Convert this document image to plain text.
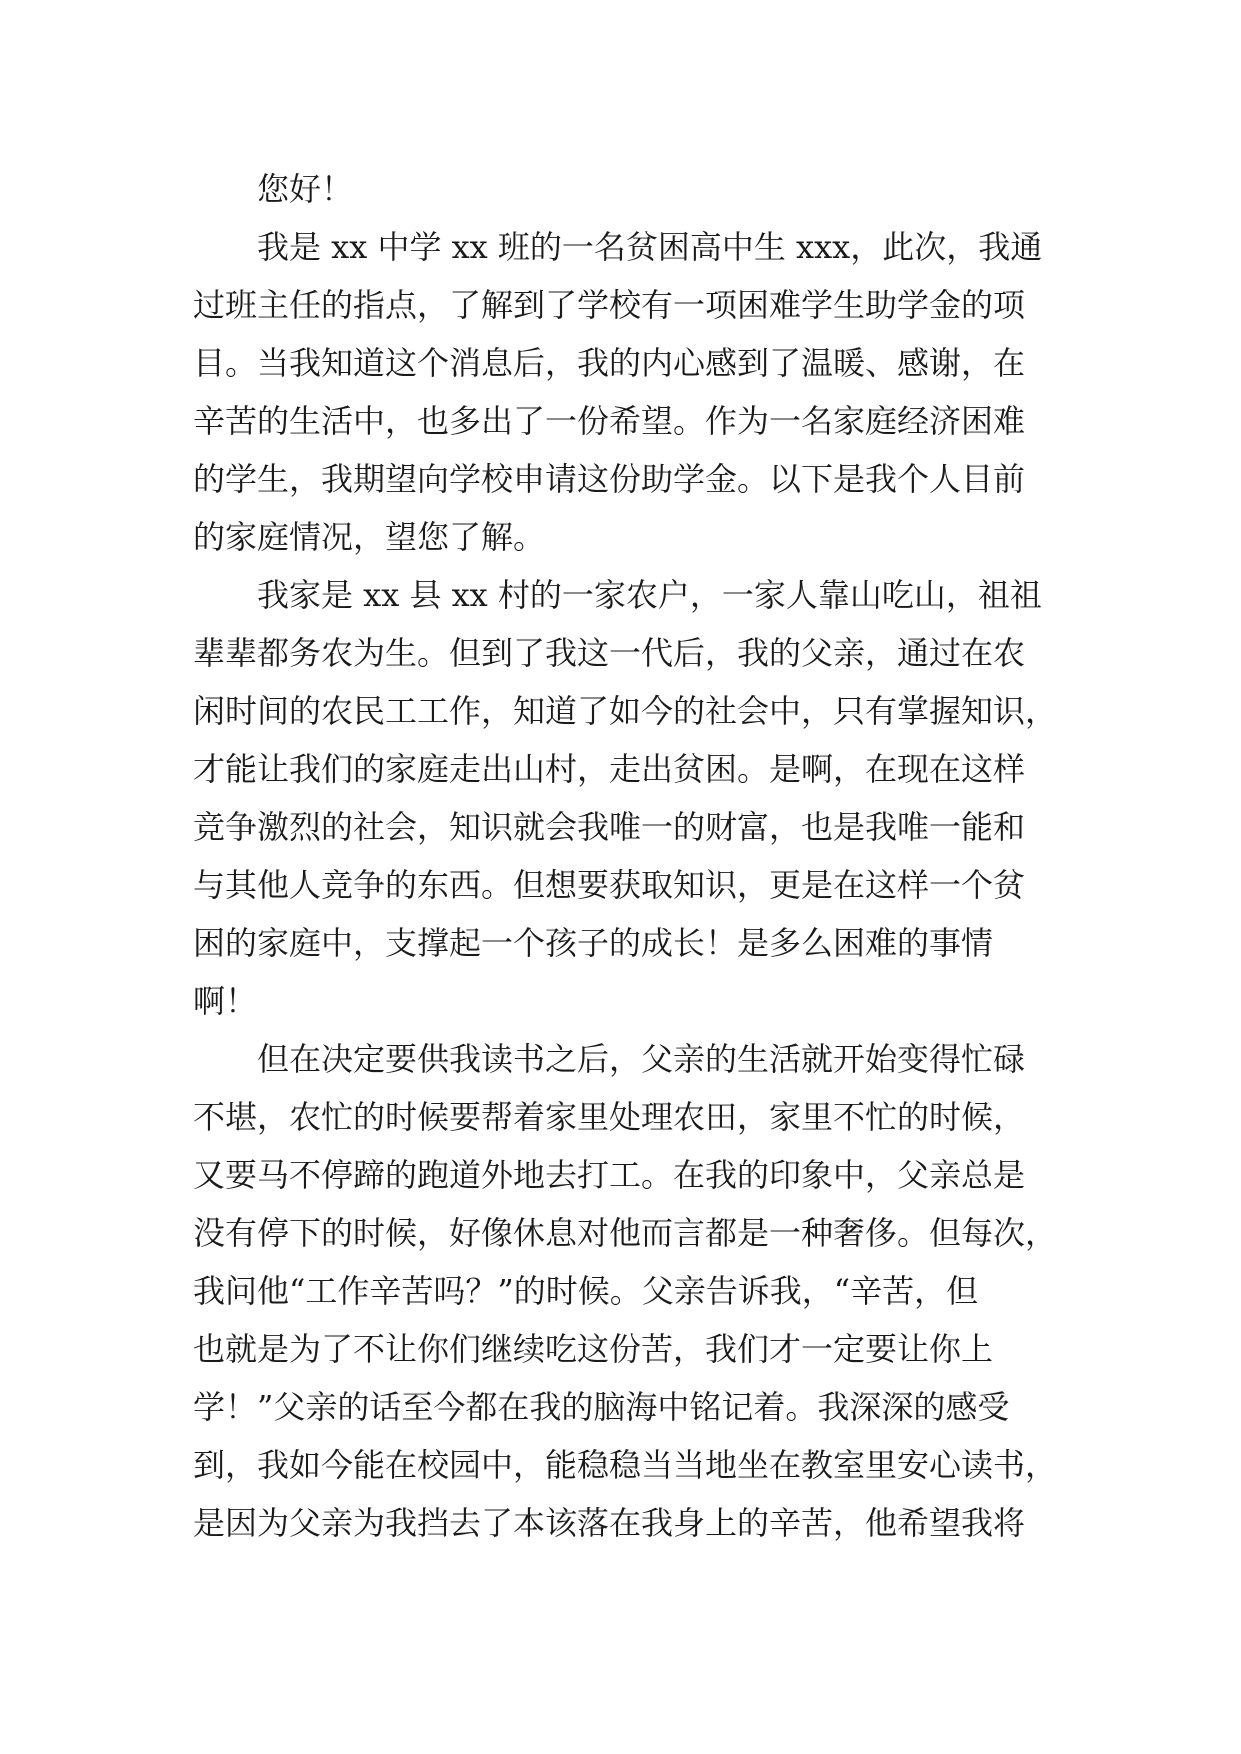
您好！
我是 xx 中学 xx 班的一名贫困高中生 xxx，此次，我通
过班主任的指点，了解到了学校有一项困难学生助学金的项
目。当我知道这个消息后，我的内心感到了温暖、感谢，在
辛苦的生活中，也多出了一份希望。作为一名家庭经济困难
的学生，我期望向学校申请这份助学金。以下是我个人目前
的家庭情况，望您了解。
我家是 xx 县 xx 村的一家农户，一家人靠山吃山，祖祖
辈辈都务农为生。但到了我这一代后，我的父亲，通过在农
闲时间的农民工工作，知道了如今的社会中，只有掌握知识，
才能让我们的家庭走出山村，走出贫困。是啊，在现在这样
竞争激烈的社会，知识就会我唯一的财富，也是我唯一能和
与其他人竞争的东西。但想要获取知识，更是在这样一个贫
困的家庭中，支撑起一个孩子的成长！是多么困难的事情
啊！
但在决定要供我读书之后，父亲的生活就开始变得忙碌
不堪，农忙的时候要帮着家里处理农田，家里不忙的时候，
又要马不停蹄的跑道外地去打工。在我的印象中，父亲总是
没有停下的时候，好像休息对他而言都是一种奢侈。但每次，
我问他“工作辛苦吗？”的时候。父亲告诉我，“辛苦，但
也就是为了不让你们继续吃这份苦，我们才一定要让你上
学！”父亲的话至今都在我的脑海中铭记着。我深深的感受
到，我如今能在校园中，能稳稳当当地坐在教室里安心读书，
是因为父亲为我挡去了本该落在我身上的辛苦，他希望我将
